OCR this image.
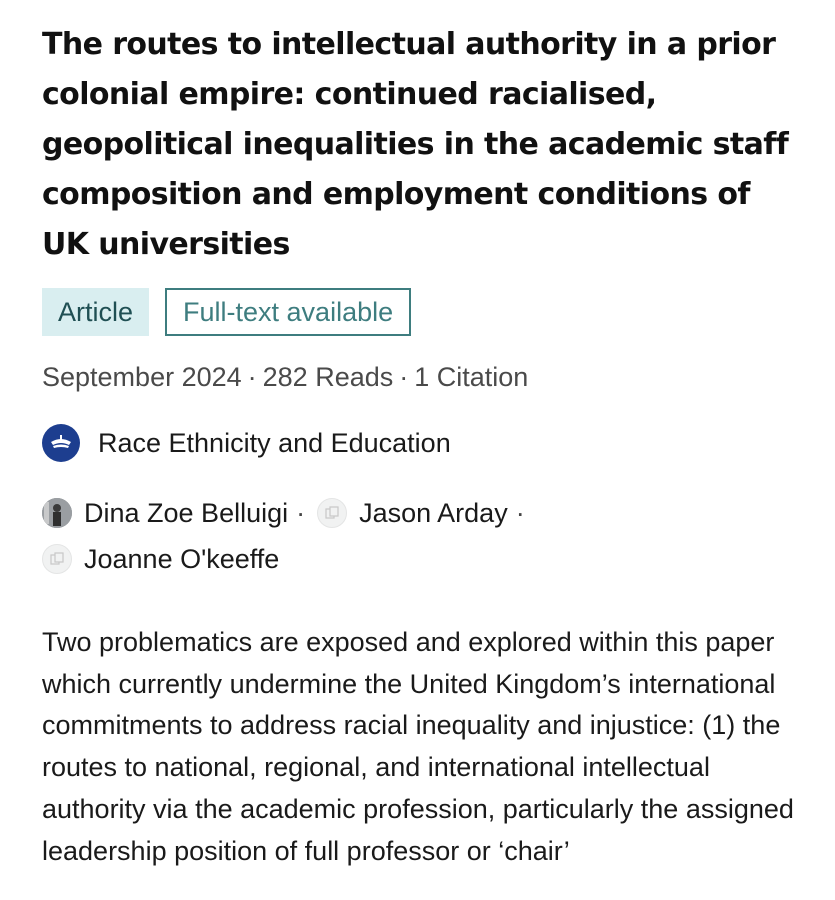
The routes to intellectual authority in a prior colonial empire: continued racialised, geopolitical inequalities in the academic staff composition and employment conditions of UK universities
Article	Full-text available
September 2024 · 282 Reads · 1 Citation
Race Ethnicity and Education
Dina Zoe Belluigi ·	Jason Arday ·
Joanne O'keeffe
Two problematics are exposed and explored within this paper which currently undermine the United Kingdom’s international commitments to address racial inequality and injustice: (1) the routes to national, regional, and international intellectual authority via the academic profession, particularly the assigned leadership position of full professor or ‘chair’
